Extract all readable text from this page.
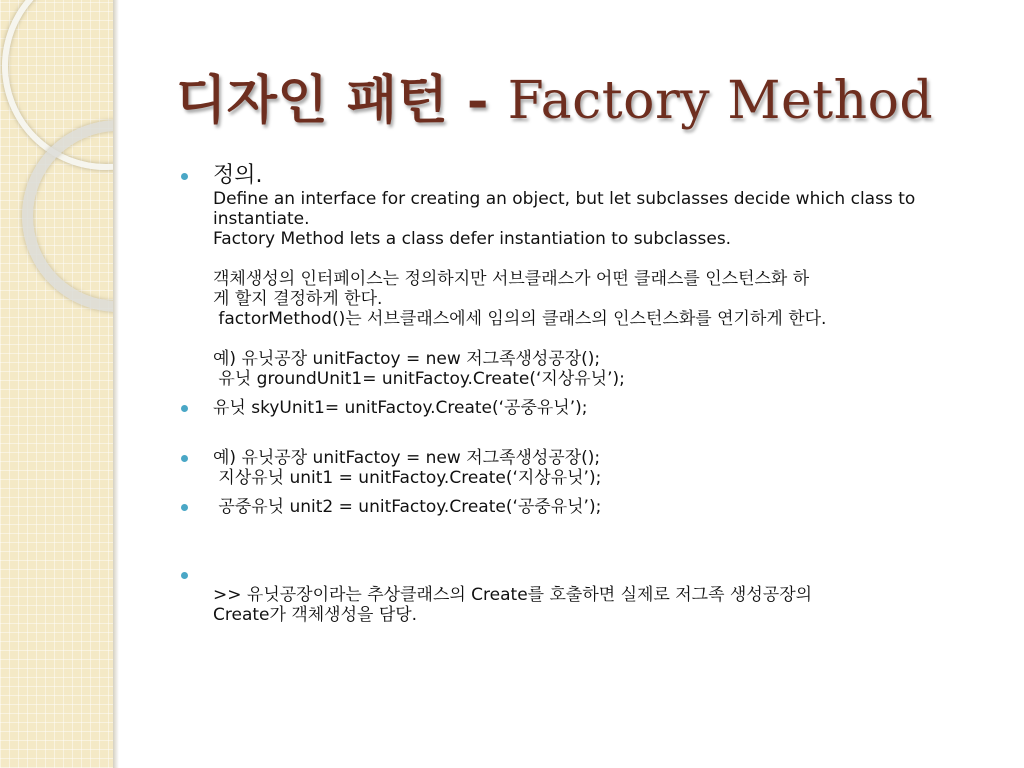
디자인 패턴 - Factory Method
정의.
Define an interface for creating an object, but let subclasses decide which class to
instantiate.
Factory Method lets a class defer instantiation to subclasses.
객체생성의 인터페이스는 정의하지만 서브클래스가 어떤 클래스를 인스턴스화 하
게 할지 결정하게 한다.
factorMethod()는 서브클래스에세 임의의 클래스의 인스턴스화를 연기하게 한다.
예) 유닛공장 unitFactoy = new 저그족생성공장();
유닛 groundUnit1= unitFactoy.Create(‘지상유닛’);
유닛 skyUnit1= unitFactoy.Create(‘공중유닛’);
예) 유닛공장 unitFactoy = new 저그족생성공장();
지상유닛 unit1 = unitFactoy.Create(‘지상유닛’);
공중유닛 unit2 = unitFactoy.Create(‘공중유닛’);
>> 유닛공장이라는 추상클래스의 Create를 호출하면 실제로 저그족 생성공장의
Create가 객체생성을 담당.
